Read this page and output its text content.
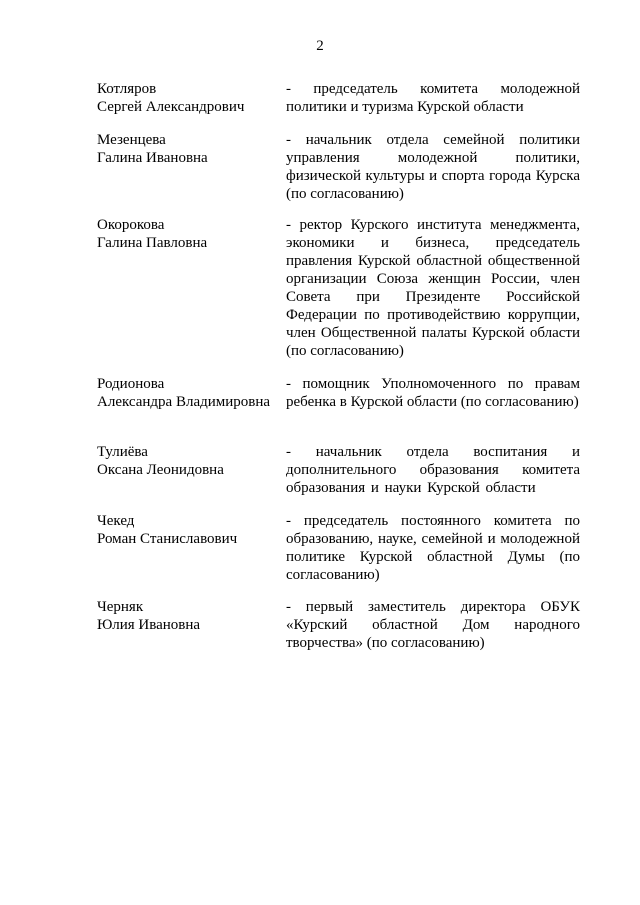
2
Котляров
Сергей Александрович
- председатель комитета молодежной политики и туризма Курской области
Мезенцева
Галина Ивановна
- начальник отдела семейной политики управления молодежной политики, физической культуры и спорта города Курска (по согласованию)
Окорокова
Галина Павловна
- ректор Курского института менеджмента, экономики и бизнеса, председатель правления Курской областной общественной организации Союза женщин России, член Совета при Президенте Российской Федерации по противодействию коррупции, член Общественной палаты Курской области (по согласованию)
Родионова
Александра Владимировна
- помощник Уполномоченного по правам ребенка в Курской области (по согласованию)
Тулиёва
Оксана Леонидовна
- начальник отдела воспитания и дополнительного образования комитета образования и науки Курской области
Чекед
Роман Станиславович
- председатель постоянного комитета по образованию, науке, семейной и молодежной политике Курской областной Думы (по согласованию)
Черняк
Юлия Ивановна
- первый заместитель директора ОБУК «Курский областной Дом народного творчества» (по согласованию)
